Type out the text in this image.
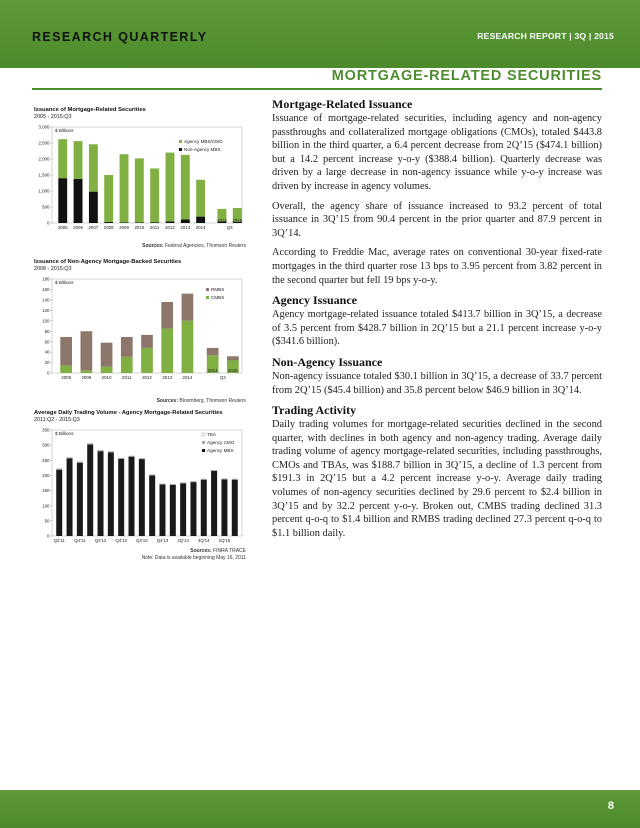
RESEARCH QUARTERLY	RESEARCH REPORT | 3Q | 2015
MORTGAGE-RELATED SECURITIES
Issuance of Mortgage-Related Securities
2005 - 2015:Q3
3,000
2,500
2,000
1,500
1,000
500
0
$ Billions
2005 2006 2007 2008 2009 2010 2011 2012 2013 2014	Q3
2014 2015
Agency MBS/CMO
Non-Agency MBS
Sources: Federal Agencies, Thomson Reuters
Issuance of Non-Agency Mortgage-Backed Securities
2008 - 2015:Q3
180
160
140
120
100
80
60
40
20
0
$ Billions
2008 2009 2010 2011 2012 2013 2014	Q3
2014 2015
RMBS
CMBS
Sources: Bloomberg, Thomson Reuters
Average Daily Trading Volume - Agency Mortgage-Related Securities
2011:Q2 - 2015:Q3
350
300
250
200
150
100
50
0
$ Billions
Q2'11 Q4'11 Q2'12 Q4'12 Q2'13 Q4'13 2Q'14 4Q'14 2Q'15
TBA
Agency CMO
Agency MBS
Sources: FINRA TRACE
Note: Data is available beginning May 16, 2011
Mortgage-Related Issuance

Issuance of mortgage-related securities, including agency and non-agency passthroughs and collateralized mortgage obligations (CMOs), totaled $443.8 billion in the third quarter, a 6.4 percent decrease from 2Q’15 ($474.1 billion) but a 14.2 percent increase y-o-y ($388.4 billion). Quarterly decrease was driven by a large decrease in non-agency issuance while y-o-y increase was driven by increase in agency volumes.

Overall, the agency share of issuance increased to 93.2 percent of total issuance in 3Q’15 from 90.4 percent in the prior quarter and 87.9 percent in 3Q’14.

According to Freddie Mac, average rates on conventional 30-year fixed-rate mortgages in the third quarter rose 13 bps to 3.95 percent from 3.82 percent in the second quarter but fell 19 bps y-o-y.

Agency Issuance

Agency mortgage-related issuance totaled $413.7 billion in 3Q’15, a decrease of 3.5 percent from $428.7 billion in 2Q’15 but a 21.1 percent increase y-o-y ($341.6 billion).

Non-Agency Issuance

Non-agency issuance totaled $30.1 billion in 3Q’15, a decrease of 33.7 percent from 2Q’15 ($45.4 billion) and 35.8 percent below $46.9 billion in 3Q’14.

Trading Activity

Daily trading volumes for mortgage-related securities declined in the second quarter, with declines in both agency and non-agency trading. Average daily trading volume of agency mortgage-related securities, including passthroughs, CMOs and TBAs, was $188.7 billion in 3Q’15, a decline of 1.3 percent from $191.3 in 2Q’15 but a 4.2 percent increase y-o-y. Average daily trading volumes of non-agency securities declined by 29.6 percent to $2.4 billion in 3Q’15 and by 32.2 percent y-o-y. Broken out, CMBS trading declined 31.3 percent q-o-q to $1.4 billion and RMBS trading declined 27.3 percent q-o-q to $1.1 billion daily.

8
